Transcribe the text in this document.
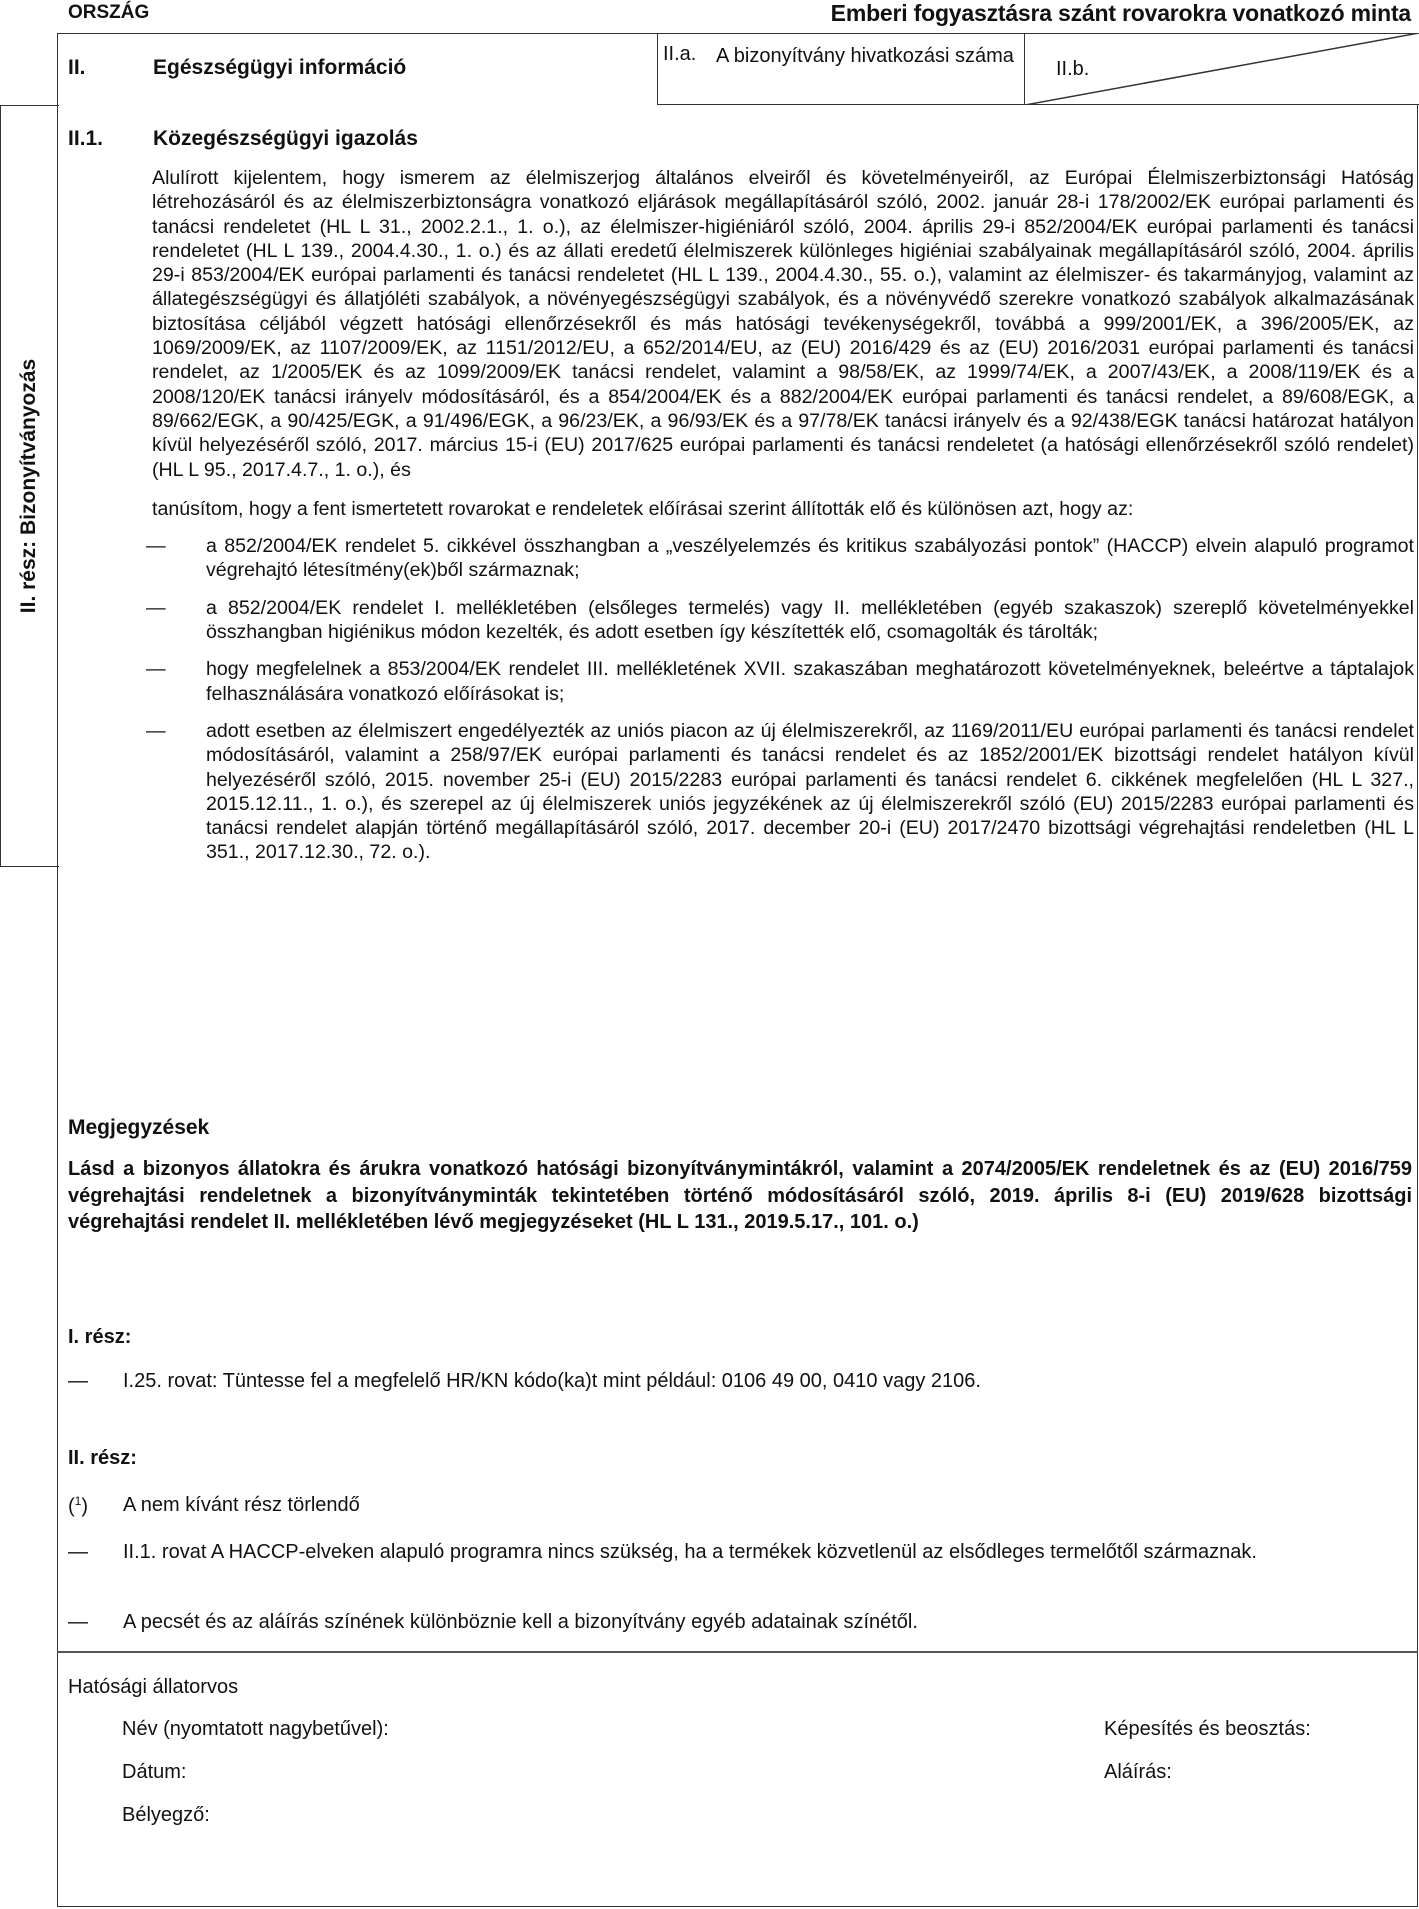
ORSZÁG	Emberi fogyasztásra szánt rovarokra vonatkozó minta
II.	Egészségügyi információ
II.a. A bizonyítvány hivatkozási száma
II.b.
II. rész: Bizonyítványozás
II.1. Közegészségügyi igazolás

Alulírott kijelentem, hogy ismerem az élelmiszerjog általános elveiről és követelményeiről, az Európai Élelmiszerbiztonsági Hatóság létrehozásáról és az élelmiszerbiztonságra vonatkozó eljárások megállapításáról szóló, 2002. január 28-i 178/2002/EK európai parlamenti és tanácsi rendeletet (HL L 31., 2002.2.1., 1. o.), az élelmiszer-higiéniáról szóló, 2004. április 29-i 852/2004/EK európai parlamenti és tanácsi rendeletet (HL L 139., 2004.4.30., 1. o.) és az állati eredetű élelmiszerek különleges higiéniai szabályainak megállapításáról szóló, 2004. április 29-i 853/2004/EK európai parlamenti és tanácsi rendeletet (HL L 139., 2004.4.30., 55. o.), valamint az élelmiszer- és takarmányjog, valamint az állategészségügyi és állatjóléti szabályok, a növényegészségügyi szabályok, és a növényvédő szerekre vonatkozó szabályok alkalmazásának biztosítása céljából végzett hatósági ellenőrzésekről és más hatósági tevékenységekről, továbbá a 999/2001/EK, a 396/2005/EK, az 1069/2009/EK, az 1107/2009/EK, az 1151/2012/EU, a 652/2014/EU, az (EU) 2016/429 és az (EU) 2016/2031 európai parlamenti és tanácsi rendelet, az 1/2005/EK és az 1099/2009/EK tanácsi rendelet, valamint a 98/58/EK, az 1999/74/EK, a 2007/43/EK, a 2008/119/EK és a 2008/120/EK tanácsi irányelv módosításáról, és a 854/2004/EK és a 882/2004/EK európai parlamenti és tanácsi rendelet, a 89/608/EGK, a 89/662/EGK, a 90/425/EGK, a 91/496/EGK, a 96/23/EK, a 96/93/EK és a 97/78/EK tanácsi irányelv és a 92/438/EGK tanácsi határozat hatályon kívül helyezéséről szóló, 2017. március 15-i (EU) 2017/625 európai parlamenti és tanácsi rendeletet (a hatósági ellenőrzésekről szóló rendelet) (HL L 95., 2017.4.7., 1. o.), és

tanúsítom, hogy a fent ismertetett rovarokat e rendeletek előírásai szerint állították elő és különösen azt, hogy az:

—	a 852/2004/EK rendelet 5. cikkével összhangban a „veszélyelemzés és kritikus szabályozási pontok” (HACCP) elvein alapuló programot végrehajtó létesítmény(ek)ből származnak;
—	a 852/2004/EK rendelet I. mellékletében (elsőleges termelés) vagy II. mellékletében (egyéb szakaszok) szereplő követelményekkel összhangban higiénikus módon kezelték, és adott esetben így készítették elő, csomagolták és tárolták;
—	hogy megfelelnek a 853/2004/EK rendelet III. mellékletének XVII. szakaszában meghatározott követelményeknek, beleértve a táptalajok felhasználására vonatkozó előírásokat is;
—	adott esetben az élelmiszert engedélyezték az uniós piacon az új élelmiszerekről, az 1169/2011/EU európai parlamenti és tanácsi rendelet módosításáról, valamint a 258/97/EK európai parlamenti és tanácsi rendelet és az 1852/2001/EK bizottsági rendelet hatályon kívül helyezéséről szóló, 2015. november 25-i (EU) 2015/2283 európai parlamenti és tanácsi rendelet 6. cikkének megfelelően (HL L 327., 2015.12.11., 1. o.), és szerepel az új élelmiszerek uniós jegyzékének az új élelmiszerekről szóló (EU) 2015/2283 európai parlamenti és tanácsi rendelet alapján történő megállapításáról szóló, 2017. december 20-i (EU) 2017/2470 bizottsági végrehajtási rendeletben (HL L 351., 2017.12.30., 72. o.).
Megjegyzések
Lásd a bizonyos állatokra és árukra vonatkozó hatósági bizonyítványmintákról, valamint a 2074/2005/EK rendeletnek és az (EU) 2016/759 végrehajtási rendeletnek a bizonyítványminták tekintetében történő módosításáról szóló, 2019. április 8-i (EU) 2019/628 bizottsági végrehajtási rendelet II. mellékletében lévő megjegyzéseket (HL L 131., 2019.5.17., 101. o.)
I. rész:
—	I.25. rovat: Tüntesse fel a megfelelő HR/KN kódo(ka)t mint például: 0106 49 00, 0410 vagy 2106.
II. rész:
($^1$)	A nem kívánt rész törlendő
—	II.1. rovat A HACCP-elveken alapuló programra nincs szükség, ha a termékek közvetlenül az elsődleges termelőtől származnak.
—	A pecsét és az aláírás színének különböznie kell a bizonyítvány egyéb adatainak színétől.
Hatósági állatorvos
Név (nyomtatott nagybetűvel):	Képesítés és beosztás:
Dátum:	Aláírás:
Bélyegző:
